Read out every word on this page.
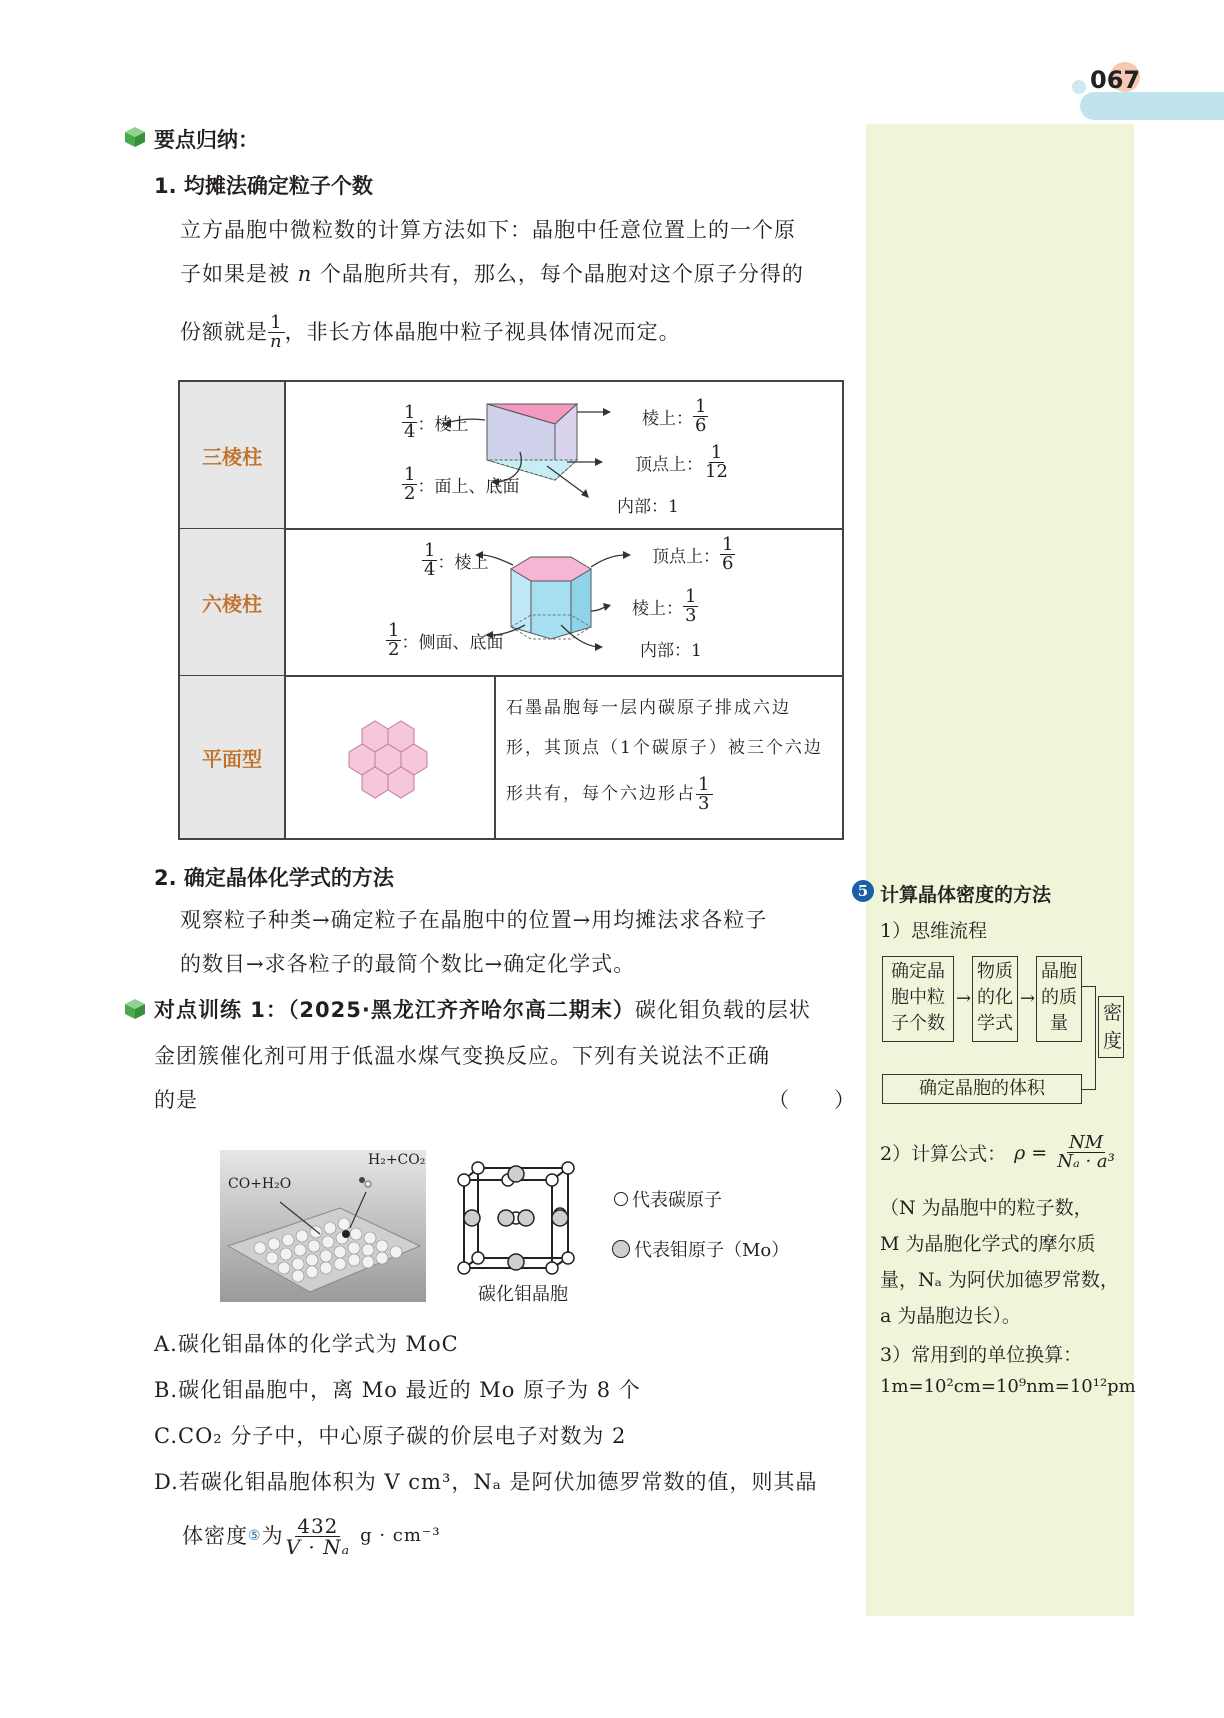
067
要点归纳：
1. 均摊法确定粒子个数
立方晶胞中微粒数的计算方法如下：晶胞中任意位置上的一个原
子如果是被 n 个晶胞所共有，那么，每个晶胞对这个原子分得的
份额就是 $\frac{1}{n}$ ，非长方体晶胞中粒子视具体情况而定。
三棱柱
六棱柱
平面型
$\frac{1}{4}$ ：棱上
$\frac{1}{2}$ ：面上、底面
棱上： $\frac{1}{6}$
顶点上： $\frac{1}{12}$
内部：1
$\frac{1}{4}$ ：棱上
$\frac{1}{2}$ ：侧面、底面
顶点上： $\frac{1}{6}$
棱上： $\frac{1}{3}$
内部：1
石墨晶胞每一层内碳原子排成六边
形，其顶点（1个碳原子）被三个六边
形共有，每个六边形占 $\frac{1}{3}$
2. 确定晶体化学式的方法
观察粒子种类→确定粒子在晶胞中的位置→用均摊法求各粒子
的数目→求各粒子的最简个数比→确定化学式。
对点训练 1：（2025·黑龙江齐齐哈尔高二期末）碳化钼负载的层状
金团簇催化剂可用于低温水煤气变换反应。下列有关说法不正确
的是	（　　）
CO+H₂O
H₂+CO₂
碳化钼晶胞
代表碳原子
代表钼原子（Mo）
A.碳化钼晶体的化学式为 MoC
B.碳化钼晶胞中，离 Mo 最近的 Mo 原子为 8 个
C.CO₂ 分子中，中心原子碳的价层电子对数为 2
D.若碳化钼晶胞体积为 V cm³，Nₐ 是阿伏加德罗常数的值，则其晶
体密度 ⑤ 为 $\frac{432}{\text{V · Nₐ}}$ g · cm⁻³
5 计算晶体密度的方法
1）思维流程
确定晶胞中粒子个数
→
物质的化学式
→
晶胞的质量	密度
确定晶胞的体积
2）计算公式： $\rho = \frac{NM}{\text{Nₐ · a³}}$
（N 为晶胞中的粒子数，
M 为晶胞化学式的摩尔质
量，Nₐ 为阿伏加德罗常数，
a 为晶胞边长）。
3）常用到的单位换算：
1m=10²cm=10⁹nm=10¹²pm
